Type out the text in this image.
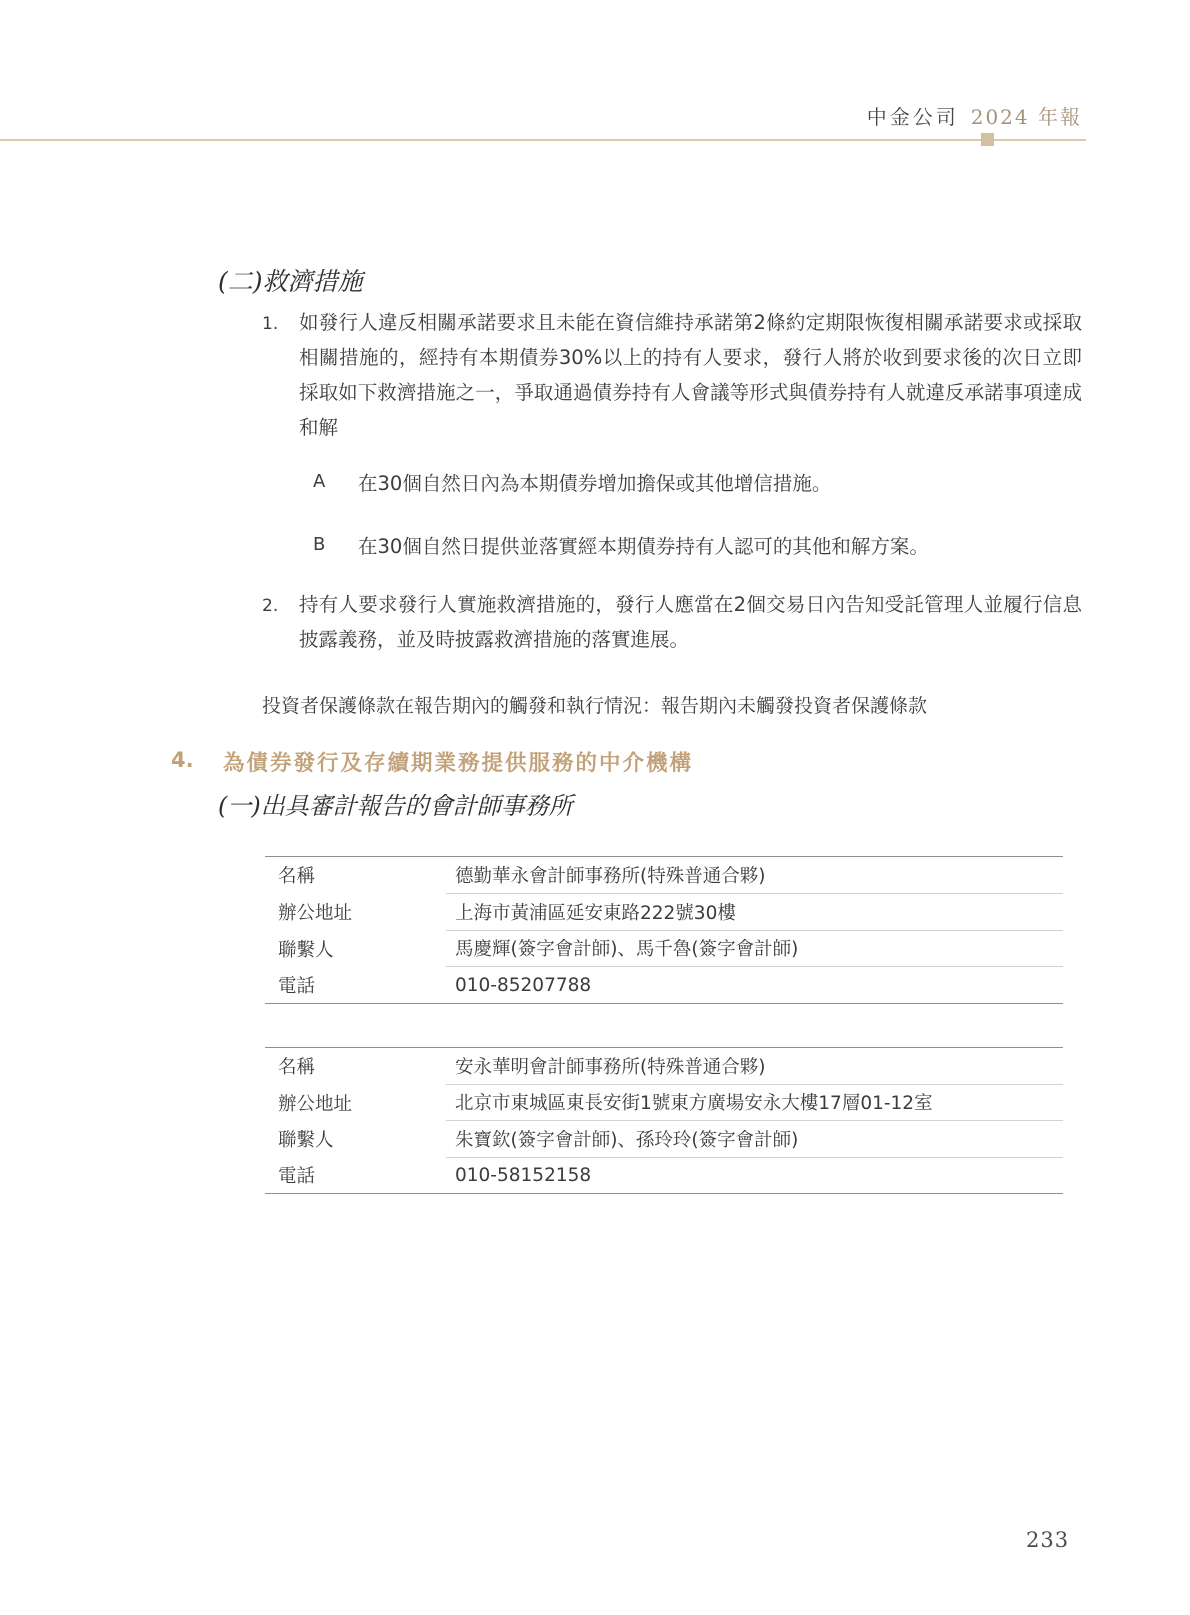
中金公司 2024 年報
(二)救濟措施
1. 如發行人違反相關承諾要求且未能在資信維持承諾第2條約定期限恢復相關承諾要求或採取相關措施的，經持有本期債券30%以上的持有人要求，發行人將於收到要求後的次日立即採取如下救濟措施之一，爭取通過債券持有人會議等形式與債券持有人就違反承諾事項達成和解
A 在30個自然日內為本期債券增加擔保或其他增信措施。
B 在30個自然日提供並落實經本期債券持有人認可的其他和解方案。
2. 持有人要求發行人實施救濟措施的，發行人應當在2個交易日內告知受託管理人並履行信息披露義務，並及時披露救濟措施的落實進展。
投資者保護條款在報告期內的觸發和執行情況：報告期內未觸發投資者保護條款
4. 為債券發行及存續期業務提供服務的中介機構
(一)出具審計報告的會計師事務所
名稱	德勤華永會計師事務所(特殊普通合夥)
辦公地址	上海市黃浦區延安東路222號30樓
聯繫人	馬慶輝(簽字會計師)、馬千魯(簽字會計師)
電話	010-85207788
名稱	安永華明會計師事務所(特殊普通合夥)
辦公地址	北京市東城區東長安街1號東方廣場安永大樓17層01-12室
聯繫人	朱寶欽(簽字會計師)、孫玲玲(簽字會計師)
電話	010-58152158
233
